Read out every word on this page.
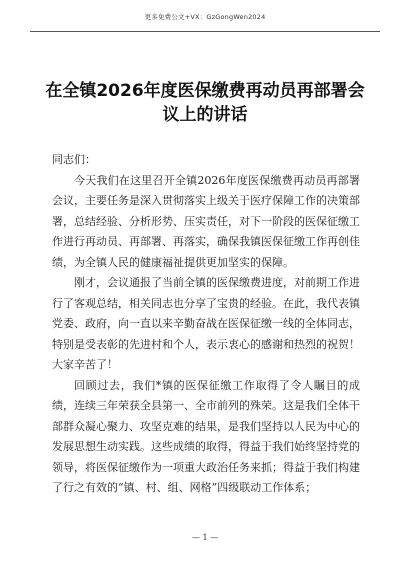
更多免费公文+VX：GzGongWen2024
在全镇2026年度医保缴费再动员再部署会议上的讲话

同志们：

今天我们在这里召开全镇2026年度医保缴费再动员再部署会议，主要任务是深入贯彻落实上级关于医疗保障工作的决策部署，总结经验、分析形势、压实责任，对下一阶段的医保征缴工作进行再动员、再部署、再落实，确保我镇医保征缴工作再创佳绩，为全镇人民的健康福祉提供更加坚实的保障。

刚才，会议通报了当前全镇的医保缴费进度，对前期工作进行了客观总结，相关同志也分享了宝贵的经验。在此，我代表镇党委、政府，向一直以来辛勤奋战在医保征缴一线的全体同志，特别是受表彰的先进村和个人，表示衷心的感谢和热烈的祝贺！大家辛苦了！

回顾过去，我们*镇的医保征缴工作取得了令人瞩目的成绩，连续三年荣获全县第一、全市前列的殊荣。这是我们全体干部群众凝心聚力、攻坚克难的结果，是我们坚持以人民为中心的发展思想生动实践。这些成绩的取得，得益于我们始终坚持党的领导，将医保征缴作为一项重大政治任务来抓；得益于我们构建了行之有效的“镇、村、组、网格”四级联动工作体系；

— 1 —
